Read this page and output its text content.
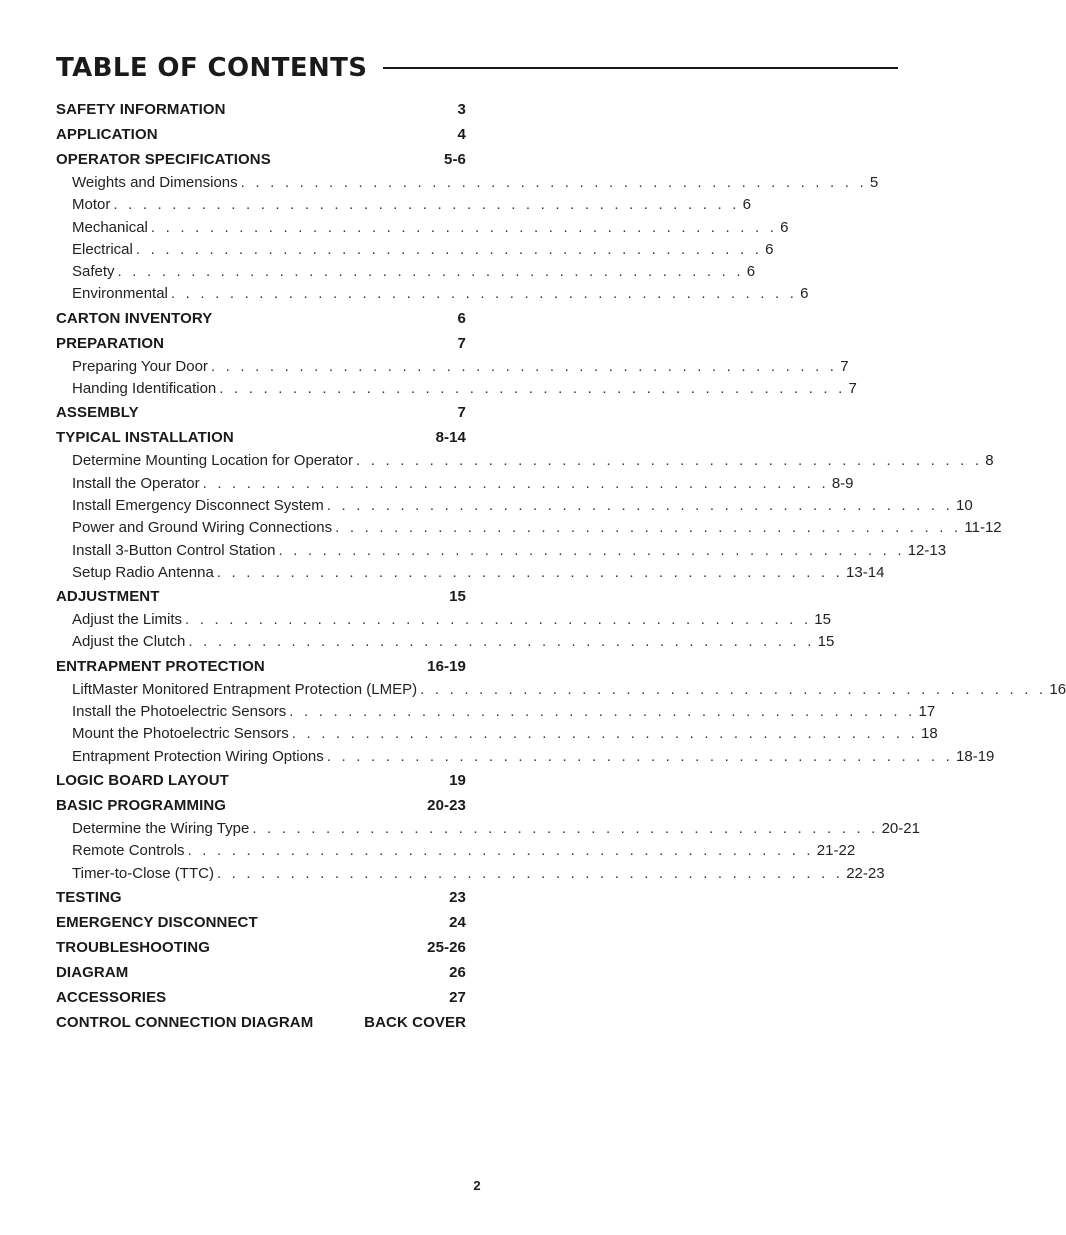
TABLE OF CONTENTS
SAFETY INFORMATION	3
APPLICATION	4
OPERATOR SPECIFICATIONS	5-6
Weights and Dimensions . . . . . . . . . . . . . . . . . . . . . . . . . . . . . . . . . . . . . . . . . . . 5
Motor . . . . . . . . . . . . . . . . . . . . . . . . . . . . . . . . . . . . . . . . . . . 6
Mechanical . . . . . . . . . . . . . . . . . . . . . . . . . . . . . . . . . . . . . . . . . . . 6
Electrical . . . . . . . . . . . . . . . . . . . . . . . . . . . . . . . . . . . . . . . . . . . 6
Safety . . . . . . . . . . . . . . . . . . . . . . . . . . . . . . . . . . . . . . . . . . . 6
Environmental . . . . . . . . . . . . . . . . . . . . . . . . . . . . . . . . . . . . . . . . . . . 6
CARTON INVENTORY	6
PREPARATION	7
Preparing Your Door . . . . . . . . . . . . . . . . . . . . . . . . . . . . . . . . . . . . . . . . . . . 7
Handing Identification . . . . . . . . . . . . . . . . . . . . . . . . . . . . . . . . . . . . . . . . . . . 7
ASSEMBLY	7
TYPICAL INSTALLATION	8-14
Determine Mounting Location for Operator . . . . . . . . . . . . . . . . . . . . . . . . . . . . . . . . . . . . . . . . . . . 8
Install the Operator . . . . . . . . . . . . . . . . . . . . . . . . . . . . . . . . . . . . . . . . . . . 8-9
Install Emergency Disconnect System . . . . . . . . . . . . . . . . . . . . . . . . . . . . . . . . . . . . . . . . . . . 10
Power and Ground Wiring Connections . . . . . . . . . . . . . . . . . . . . . . . . . . . . . . . . . . . . . . . . . . . 11-12
Install 3-Button Control Station . . . . . . . . . . . . . . . . . . . . . . . . . . . . . . . . . . . . . . . . . . . 12-13
Setup Radio Antenna . . . . . . . . . . . . . . . . . . . . . . . . . . . . . . . . . . . . . . . . . . . 13-14
ADJUSTMENT	15
Adjust the Limits . . . . . . . . . . . . . . . . . . . . . . . . . . . . . . . . . . . . . . . . . . . 15
Adjust the Clutch . . . . . . . . . . . . . . . . . . . . . . . . . . . . . . . . . . . . . . . . . . . 15
ENTRAPMENT PROTECTION	16-19
LiftMaster Monitored Entrapment Protection (LMEP) . . . . . . . . . . . . . . . . . . . . . . . . . . . . . . . . . . . . . . . . . . . 16
Install the Photoelectric Sensors . . . . . . . . . . . . . . . . . . . . . . . . . . . . . . . . . . . . . . . . . . . 17
Mount the Photoelectric Sensors . . . . . . . . . . . . . . . . . . . . . . . . . . . . . . . . . . . . . . . . . . . 18
Entrapment Protection Wiring Options . . . . . . . . . . . . . . . . . . . . . . . . . . . . . . . . . . . . . . . . . . . 18-19
LOGIC BOARD LAYOUT	19
BASIC PROGRAMMING	20-23
Determine the Wiring Type . . . . . . . . . . . . . . . . . . . . . . . . . . . . . . . . . . . . . . . . . . . 20-21
Remote Controls . . . . . . . . . . . . . . . . . . . . . . . . . . . . . . . . . . . . . . . . . . . 21-22
Timer-to-Close (TTC) . . . . . . . . . . . . . . . . . . . . . . . . . . . . . . . . . . . . . . . . . . . 22-23
TESTING	23
EMERGENCY DISCONNECT	24
TROUBLESHOOTING	25-26
DIAGRAM	26
ACCESSORIES	27
CONTROL CONNECTION DIAGRAM	BACK COVER
2
